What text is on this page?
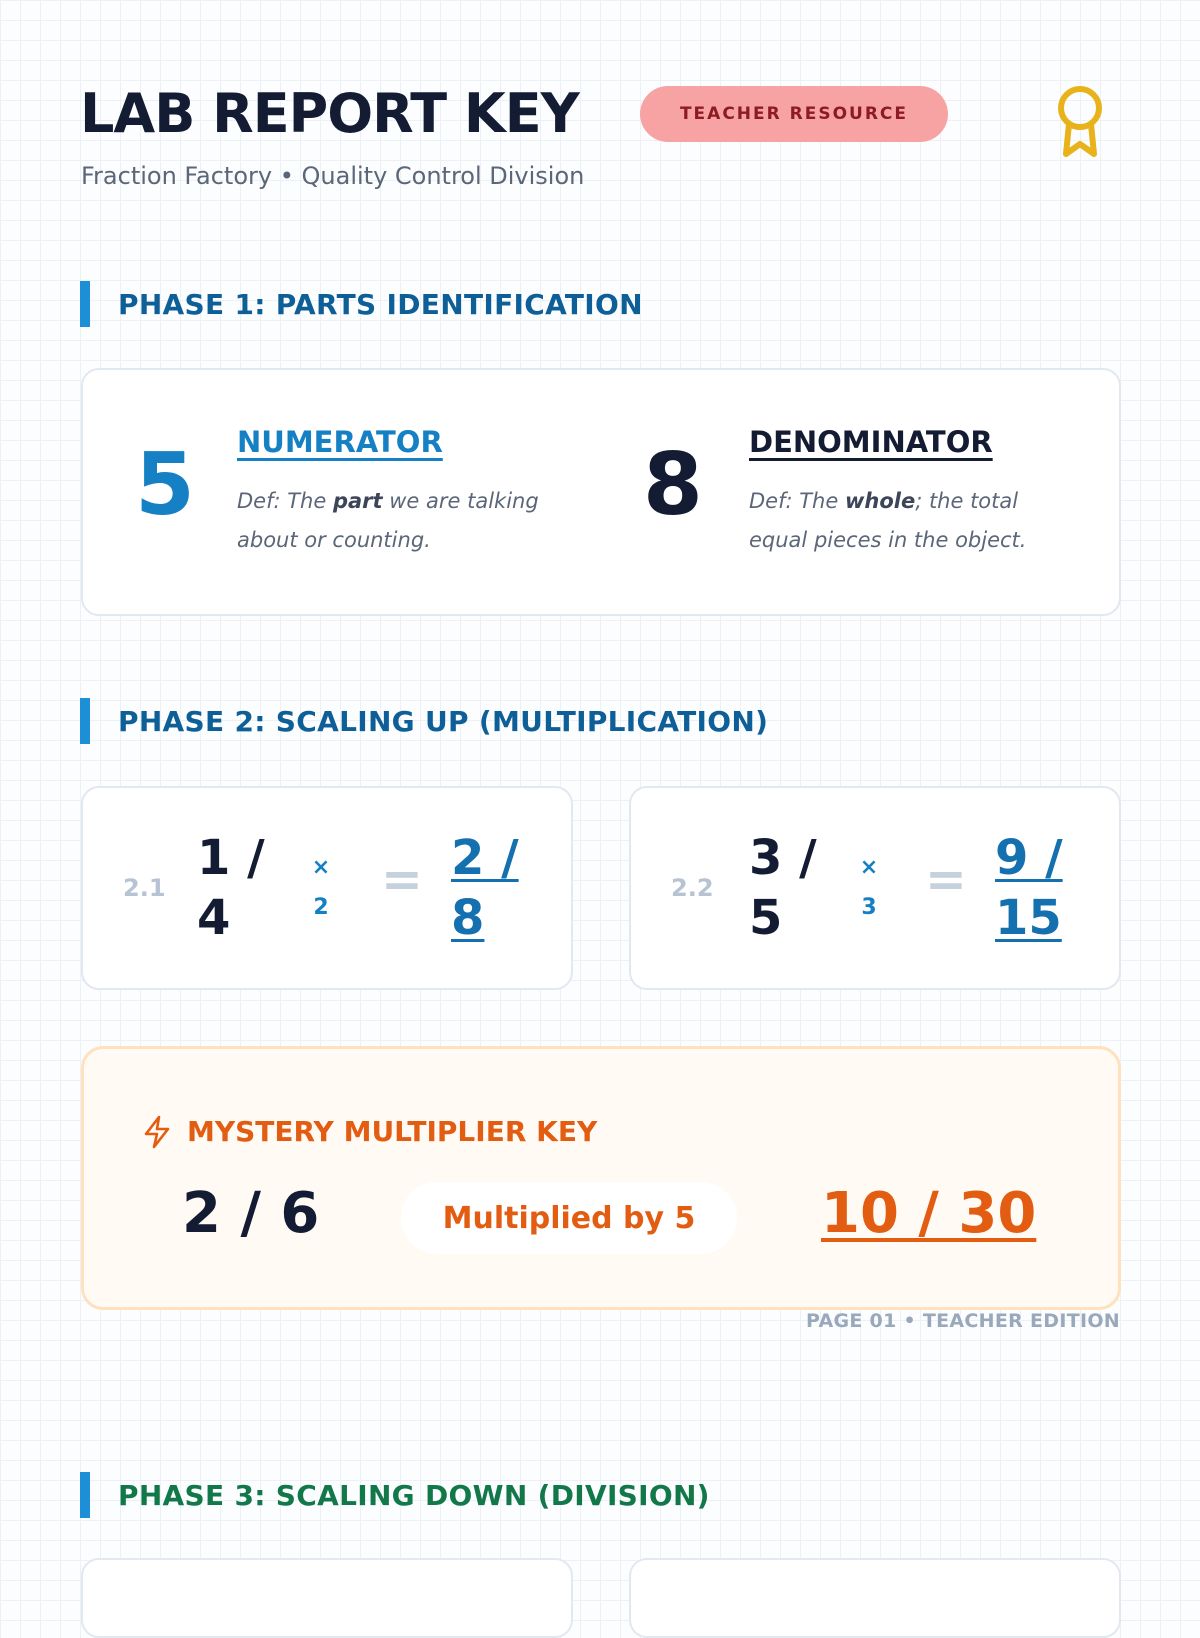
LAB REPORT KEY	TEACHER RESOURCE
Fraction Factory • Quality Control Division
PHASE 1: PARTS IDENTIFICATION
5 NUMERATOR
Def: The part we are talking about or counting.
8 DENOMINATOR
Def: The whole; the total equal pieces in the object.
PHASE 2: SCALING UP (MULTIPLICATION)
2.1
1 /
4
×
2 = 2 /
8
2.2
3 /
5
×
3 = 9 /
15
MYSTERY MULTIPLIER KEY
2 / 6	Multiplied by 5	10 / 30
PAGE 01 • TEACHER EDITION
PHASE 3: SCALING DOWN (DIVISION)
